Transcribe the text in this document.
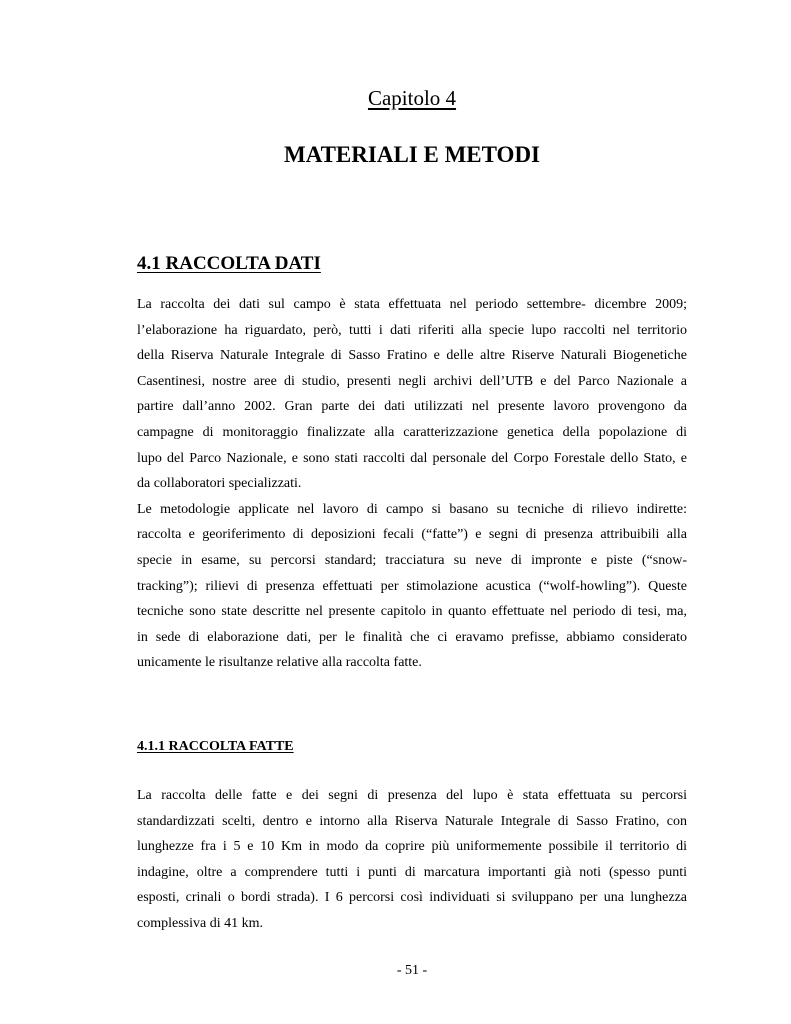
Capitolo 4
MATERIALI E METODI
4.1 RACCOLTA DATI
La raccolta dei dati sul campo è stata effettuata nel periodo settembre- dicembre 2009;
l’elaborazione ha riguardato, però, tutti i dati riferiti alla specie lupo raccolti nel territorio
della Riserva Naturale Integrale di Sasso Fratino e delle altre Riserve Naturali Biogenetiche
Casentinesi, nostre aree di studio, presenti negli archivi dell’UTB e del Parco Nazionale a
partire dall’anno 2002. Gran parte dei dati utilizzati nel presente lavoro provengono da
campagne di monitoraggio finalizzate alla caratterizzazione genetica della popolazione di
lupo del Parco Nazionale, e sono stati raccolti dal personale del Corpo Forestale dello Stato, e
da collaboratori specializzati.
Le metodologie applicate nel lavoro di campo si basano su tecniche di rilievo indirette:
raccolta e georiferimento di deposizioni fecali (“fatte”) e segni di presenza attribuibili alla
specie in esame, su percorsi standard; tracciatura su neve di impronte e piste (“snow-
tracking”); rilievi di presenza effettuati per stimolazione acustica (“wolf-howling”). Queste
tecniche sono state descritte nel presente capitolo in quanto effettuate nel periodo di tesi, ma,
in sede di elaborazione dati, per le finalità che ci eravamo prefisse, abbiamo considerato
unicamente le risultanze relative alla raccolta fatte.
4.1.1 RACCOLTA FATTE
La raccolta delle fatte e dei segni di presenza del lupo è stata effettuata su percorsi
standardizzati scelti, dentro e intorno alla Riserva Naturale Integrale di Sasso Fratino, con
lunghezze fra i 5 e 10 Km in modo da coprire più uniformemente possibile il territorio di
indagine, oltre a comprendere tutti i punti di marcatura importanti già noti (spesso punti
esposti, crinali o bordi strada). I 6 percorsi così individuati si sviluppano per una lunghezza
complessiva di 41 km.
- 51 -
